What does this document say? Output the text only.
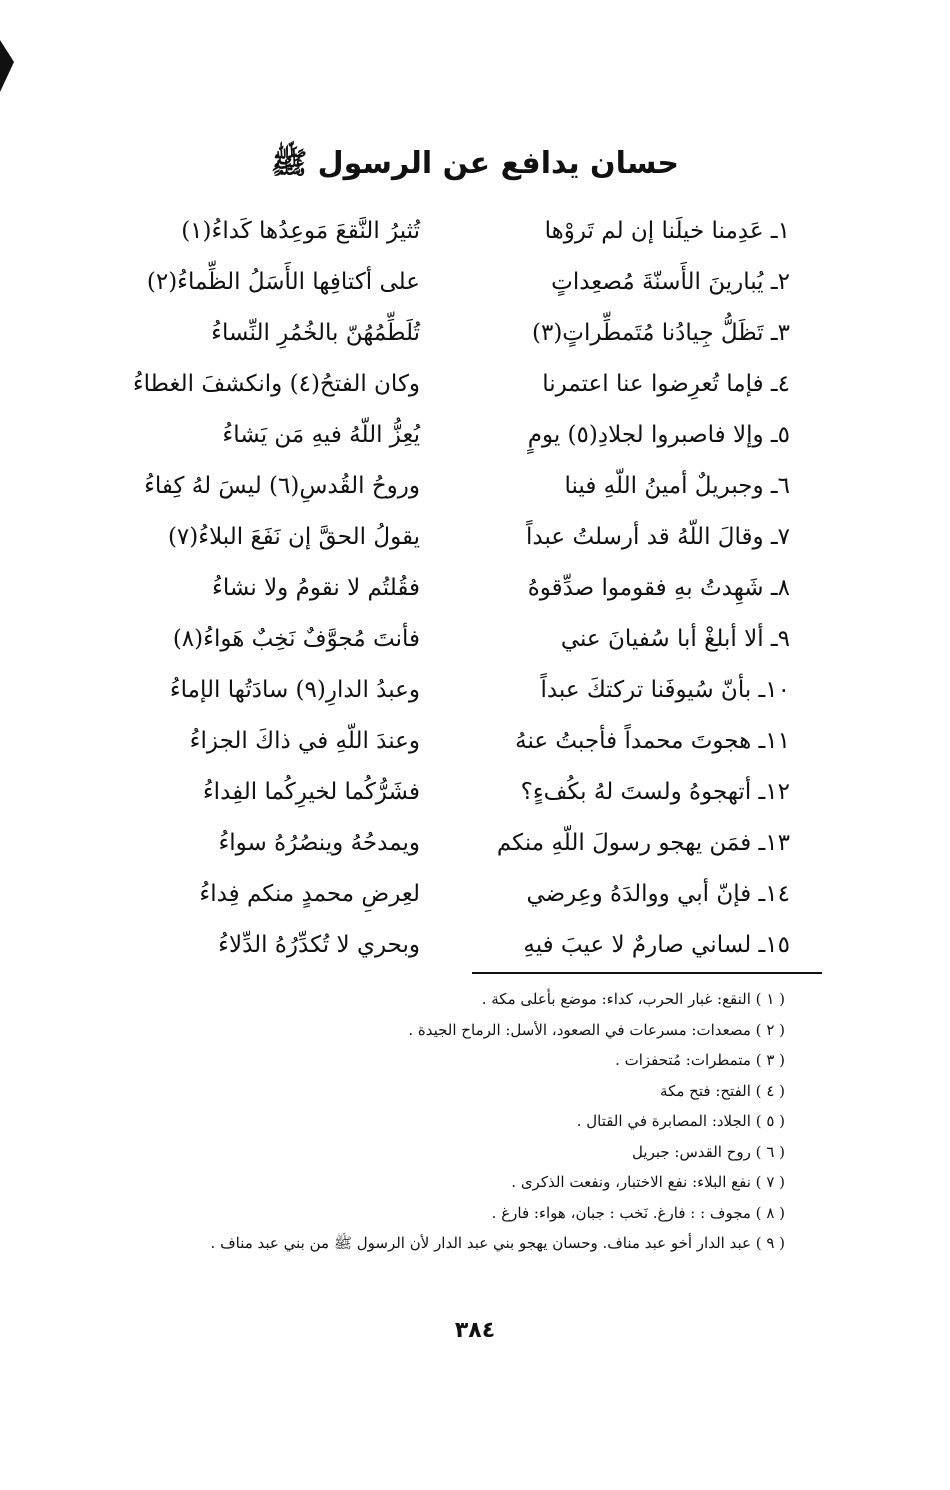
حسان يدافع عن الرسول ﷺ
١ـ عَدِمنا خيلَنا إن لم تَروْها
تُثيرُ النَّقعَ مَوعِدُها كَداءُ(١)
٢ـ يُبارينَ الأَسنّةَ مُصعِداتٍ
على أكتافِها الأَسَلُ الظِّماءُ(٢)
٣ـ تَظَلُّ جِيادُنا مُتَمطِّراتٍ(٣)
تُلَطِّمُهُنّ بالخُمُرِ النِّساءُ
٤ـ فإما تُعرِضوا عنا اعتمرنا
وكان الفتحُ(٤) وانكشفَ الغطاءُ
٥ـ وإلا فاصبروا لجلادِ(٥) يومٍ
يُعِزُّ اللّهُ فيهِ مَن يَشاءُ
٦ـ وجبريلٌ أمينُ اللّهِ فينا
وروحُ القُدسِ(٦) ليسَ لهُ كِفاءُ
٧ـ وقالَ اللّهُ قد أرسلتُ عبداً
يقولُ الحقَّ إن نَفَعَ البلاءُ(٧)
٨ـ شَهِدتُ بهِ فقوموا صدِّقوهُ
فقُلتُم لا نقومُ ولا نشاءُ
٩ـ ألا أبلغْ أبا سُفيانَ عني
فأنتَ مُجوَّفٌ نَخِبٌ هَواءُ(٨)
١٠ـ بأنّ سُيوفَنا تركتكَ عبداً
وعبدُ الدارِ(٩) سادَتُها الإماءُ
١١ـ هجوتَ محمداً فأجبتُ عنهُ
وعندَ اللّهِ في ذاكَ الجزاءُ
١٢ـ أتهجوهُ ولستَ لهُ بكُفءٍ؟
فشَرُّكُما لخيرِكُما الفِداءُ
١٣ـ فمَن يهجو رسولَ اللّهِ منكم
ويمدحُهُ وينصُرُهُ سواءُ
١٤ـ فإنّ أبي ووالدَهُ وعِرضي
لعِرضِ محمدٍ منكم فِداءُ
١٥ـ لساني صارمٌ لا عيبَ فيهِ
وبحري لا تُكدِّرُهُ الدِّلاءُ
( ١ ) النقع: غبار الحرب، كداء: موضع بأعلى مكة .
( ٢ ) مصعدات: مسرعات في الصعود، الأسل: الرماح الجيدة .
( ٣ ) متمطرات: مُتحفزات .
( ٤ ) الفتح: فتح مكة
( ٥ ) الجلاد: المصابرة في القتال .
( ٦ ) روح القدس: جبريل
( ٧ ) نفع البلاء: نفع الاختبار، ونفعت الذكرى .
( ٨ ) مجوف : : فارغ. نَخب : جبان، هواء: فارغ .
( ٩ ) عبد الدار أخو عبد مناف. وحسان يهجو بني عبد الدار لأن الرسول ﷺ من بني عبد مناف .
٣٨٤
